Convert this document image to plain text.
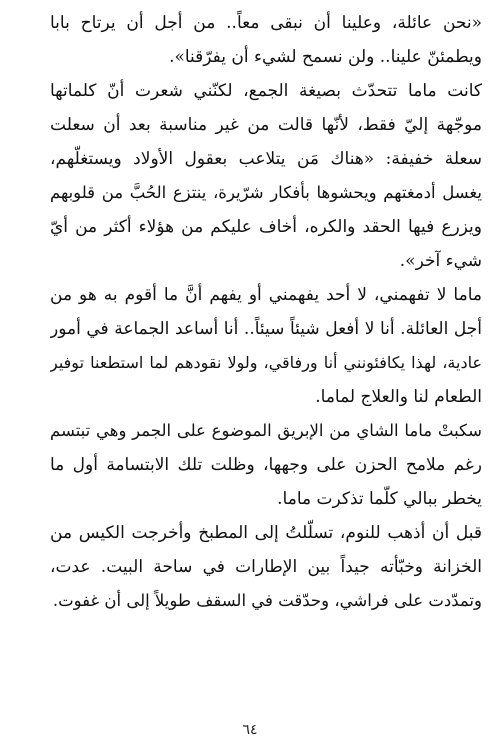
«نحن عائلة، وعلينا أن نبقى معاً.. من أجل أن يرتاح بابا
ويطمئنّ علينا.. ولن نسمح لشيء أن يفرّقنا».
كانت ماما تتحدّث بصيغة الجمع، لكنّني شعرت أنّ كلماتها
موجّهة إليّ فقط، لأنّها قالت من غير مناسبة بعد أن سعلت
سعلة خفيفة: «هناك مَن يتلاعب بعقول الأولاد ويستغلّهم،
يغسل أدمغتهم ويحشوها بأفكار شرّيرة، ينتزع الحُبَّ من قلوبهم
ويزرع فيها الحقد والكره، أخاف عليكم من هؤلاء أكثر من أيّ
شيء آخر».
ماما لا تفهمني، لا أحد يفهمني أو يفهم أنَّ ما أقوم به هو من
أجل العائلة. أنا لا أفعل شيئاً سيئاً.. أنا أساعد الجماعة في أمور
عادية، لهذا يكافئونني أنا ورفاقي، ولولا نقودهم لما استطعنا توفير
الطعام لنا والعلاج لماما.
سكبتْ ماما الشاي من الإبريق الموضوع على الجمر وهي تبتسم
رغم ملامح الحزن على وجهها، وظلت تلك الابتسامة أول ما
يخطر ببالي كلّما تذكرت ماما.
قبل أن أذهب للنوم، تسلّلتُ إلى المطبخ وأخرجت الكيس من
الخزانة وخبّأته جيداً بين الإطارات في ساحة البيت. عدت،
وتمدّدت على فراشي، وحدّقت في السقف طويلاً إلى أن غفوت.
٦٤
